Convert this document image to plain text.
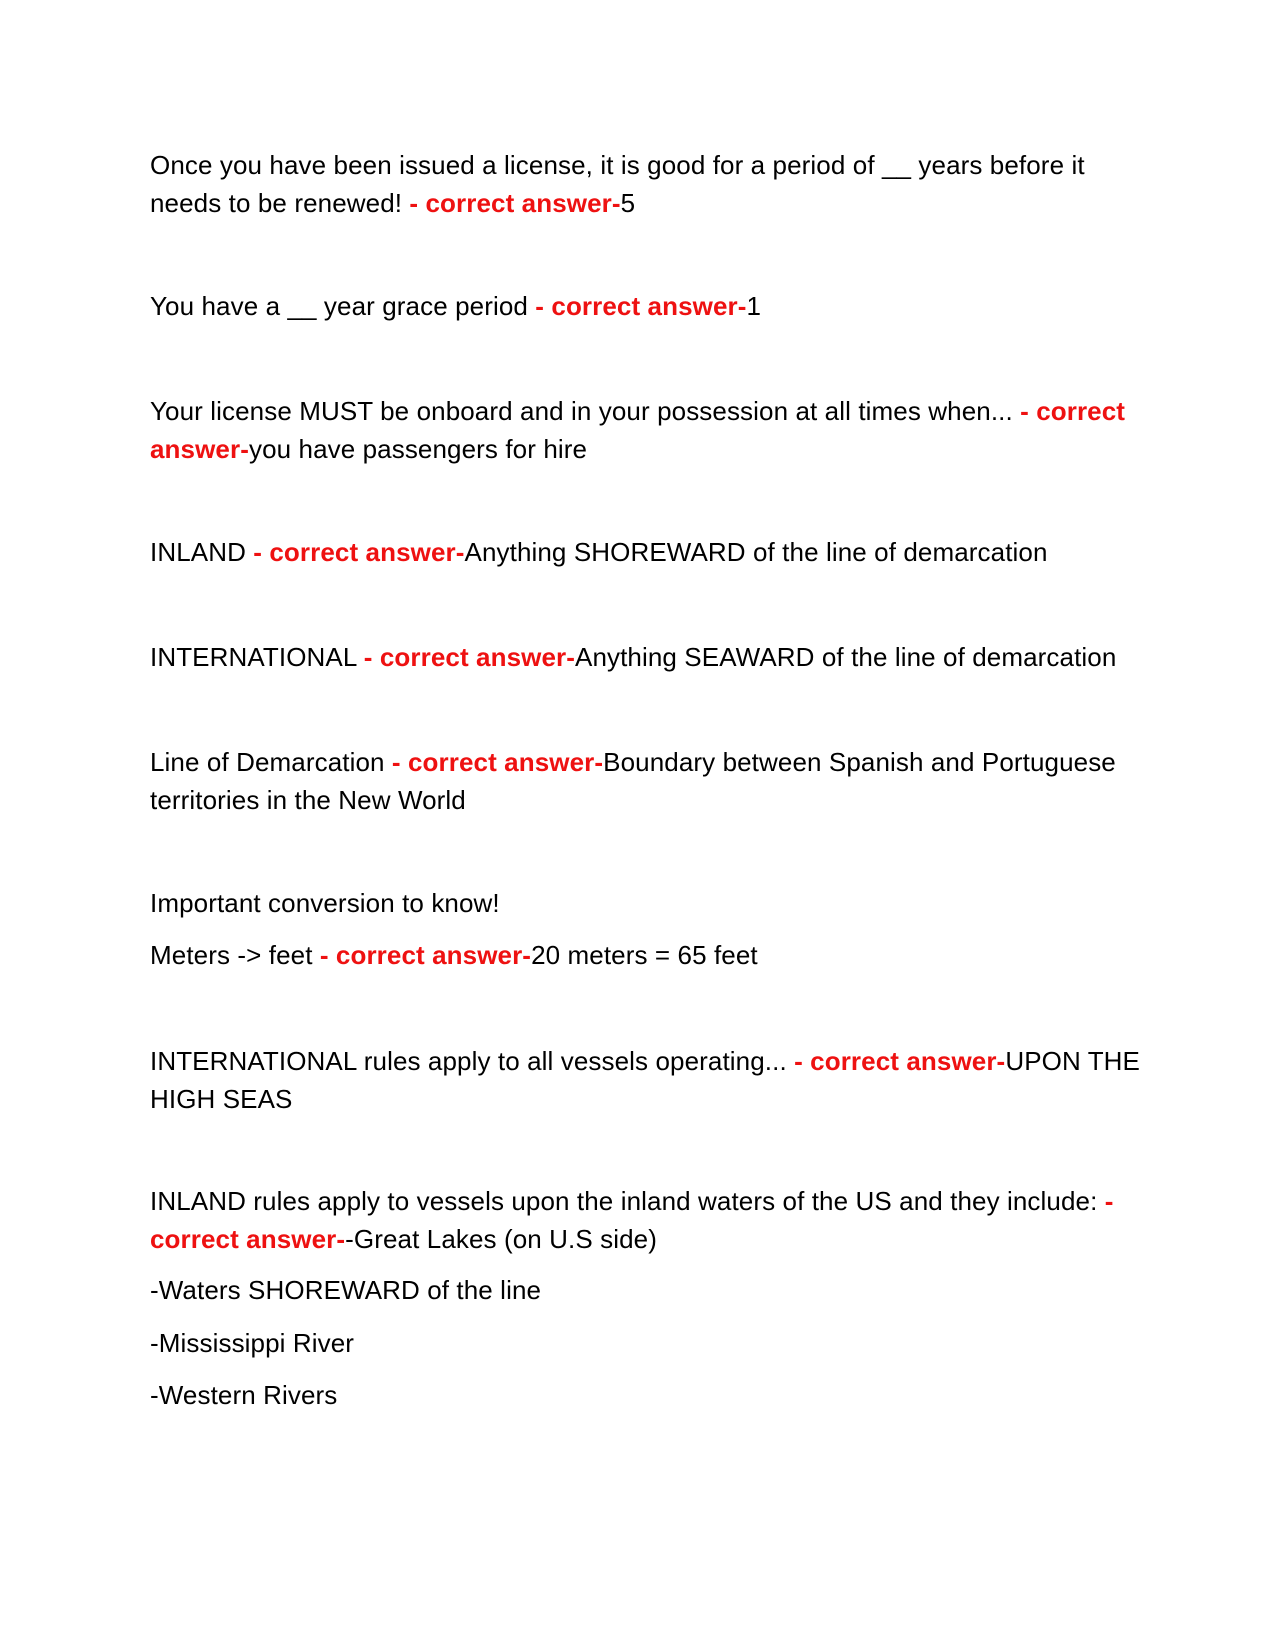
Once you have been issued a license, it is good for a period of __ years before it needs to be renewed! - correct answer-5
You have a __ year grace period - correct answer-1
Your license MUST be onboard and in your possession at all times when... - correct answer-you have passengers for hire
INLAND - correct answer-Anything SHOREWARD of the line of demarcation
INTERNATIONAL - correct answer-Anything SEAWARD of the line of demarcation
Line of Demarcation - correct answer-Boundary between Spanish and Portuguese territories in the New World
Important conversion to know!
Meters -> feet - correct answer-20 meters = 65 feet
INTERNATIONAL rules apply to all vessels operating... - correct answer-UPON THE HIGH SEAS
INLAND rules apply to vessels upon the inland waters of the US and they include: - correct answer--Great Lakes (on U.S side)
-Waters SHOREWARD of the line
-Mississippi River
-Western Rivers
